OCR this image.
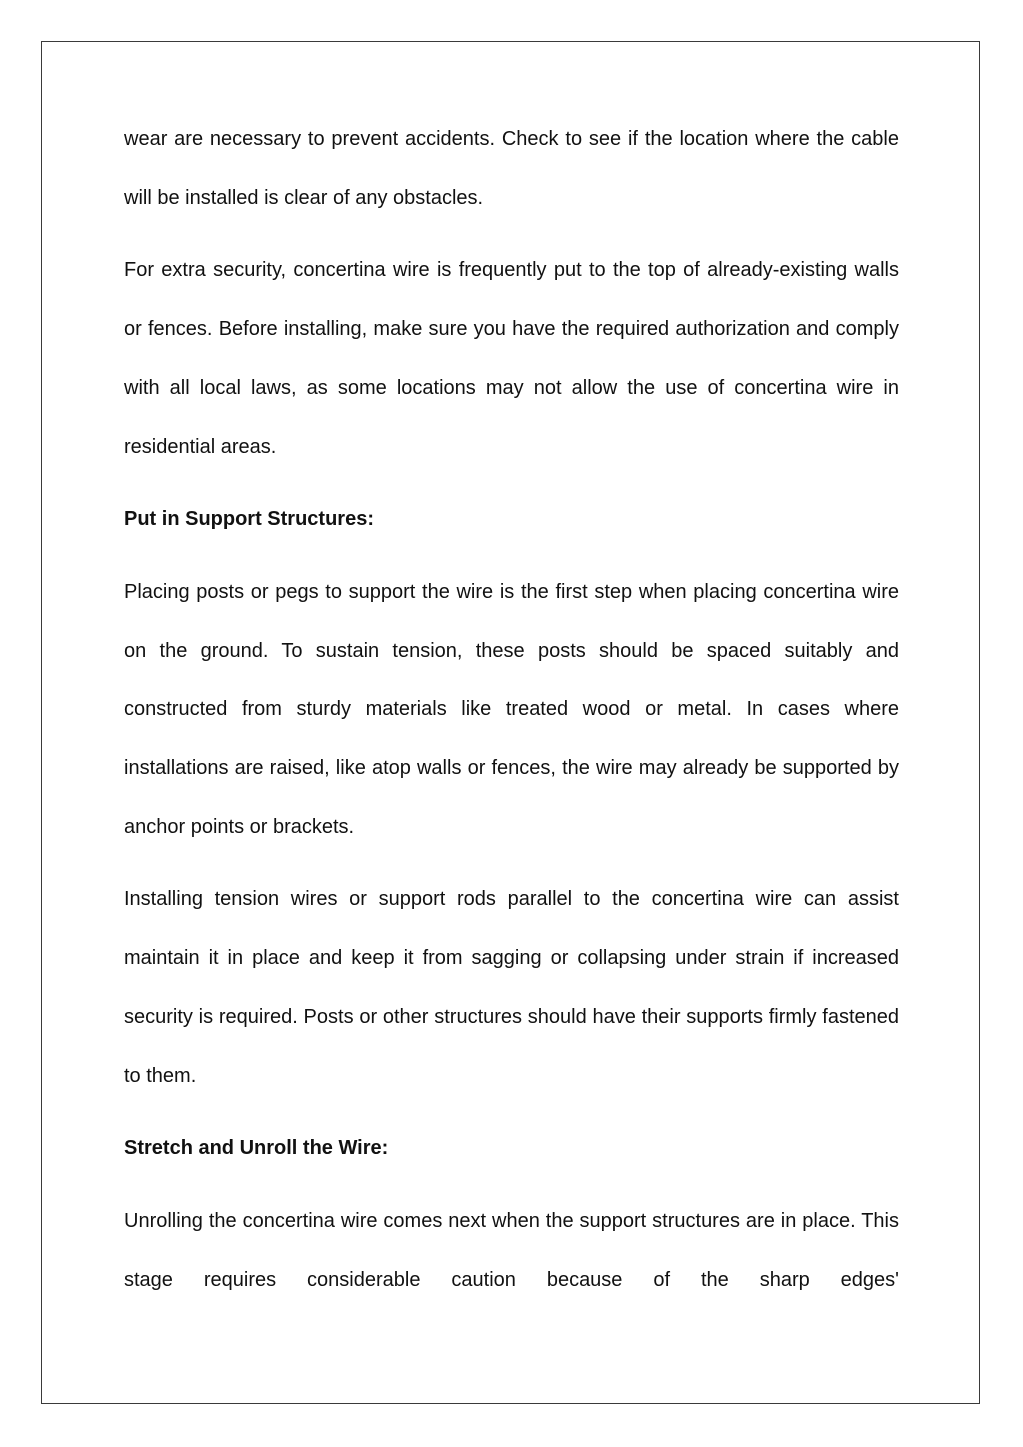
wear are necessary to prevent accidents. Check to see if the location where the cable will be installed is clear of any obstacles.

For extra security, concertina wire is frequently put to the top of already-existing walls or fences. Before installing, make sure you have the required authorization and comply with all local laws, as some locations may not allow the use of concertina wire in residential areas.

Put in Support Structures:

Placing posts or pegs to support the wire is the first step when placing concertina wire on the ground. To sustain tension, these posts should be spaced suitably and constructed from sturdy materials like treated wood or metal. In cases where installations are raised, like atop walls or fences, the wire may already be supported by anchor points or brackets.

Installing tension wires or support rods parallel to the concertina wire can assist maintain it in place and keep it from sagging or collapsing under strain if increased security is required. Posts or other structures should have their supports firmly fastened to them.

Stretch and Unroll the Wire:

Unrolling the concertina wire comes next when the support structures are in place. This stage requires considerable caution because of the sharp edges'
